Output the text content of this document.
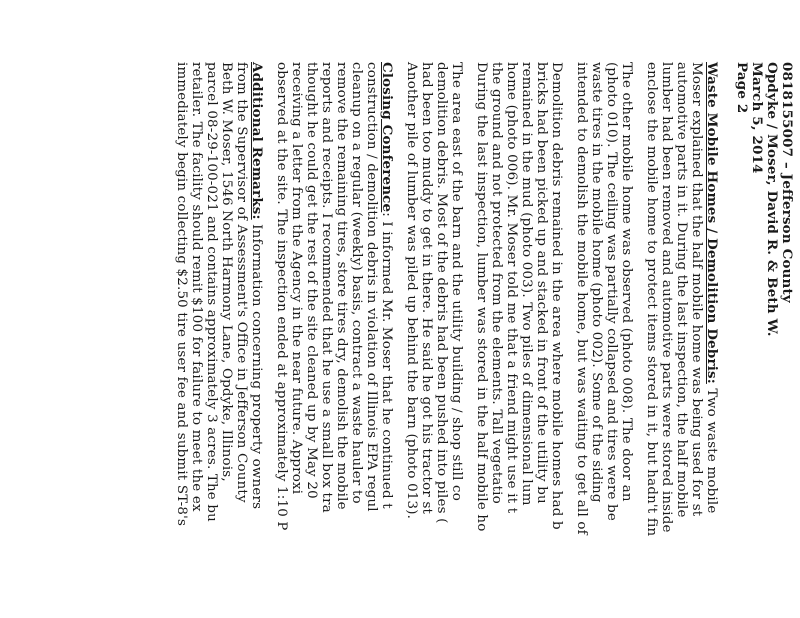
0818155007 – Jefferson County
Opdyke / Moser, David R. & Beth W.
March 5, 2014
Page 2
Waste Mobile Homes / Demolition Debris: Two waste mobile
Moser explained that the half mobile home was being used for st
automotive parts in it. During the last inspection, the half mobile
lumber had been removed and automotive parts were stored inside
enclose the mobile home to protect items stored in it, but hadn't fin
The other mobile home was observed (photo 008). The door an
(photo 010). The ceiling was partially collapsed and tires were be
waste tires in the mobile home (photo 002). Some of the siding
intended to demolish the mobile home, but was waiting to get all of
Demolition debris remained in the area where mobile homes had b
bricks had been picked up and stacked in front of the utility bu
remained in the mud (photo 003). Two piles of dimensional lum
home (photo 006). Mr. Moser told me that a friend might use it t
the ground and not protected from the elements. Tall vegetatio
During the last inspection, lumber was stored in the half mobile ho
The area east of the barn and the utility building / shop still co
demolition debris. Most of the debris had been pushed into piles (
had been too muddy to get in there. He said he got his tractor st
Another pile of lumber was piled up behind the barn (photo 013).
Closing Conference: I informed Mr. Moser that he continued t
construction / demolition debris in violation of Illinois EPA regul
cleanup on a regular (weekly) basis, contract a waste hauler to
remove the remaining tires, store tires dry, demolish the mobile
reports and receipts. I recommended that he use a small box tra
thought he could get the rest of the site cleaned up by May 20
receiving a letter from the Agency in the near future. Approxi
observed at the site. The inspection ended at approximately 1:10 P
Additional Remarks: Information concerning property owners
from the Supervisor of Assessment's Office in Jefferson County
Beth W. Moser, 1546 North Harmony Lane, Opdyke, Illinois,
parcel 08-29-100-021 and contains approximately 3 acres. The bu
retailer. The facility should remit $100 for failure to meet the ex
immediately begin collecting $2.50 tire user fee and submit ST-8's
